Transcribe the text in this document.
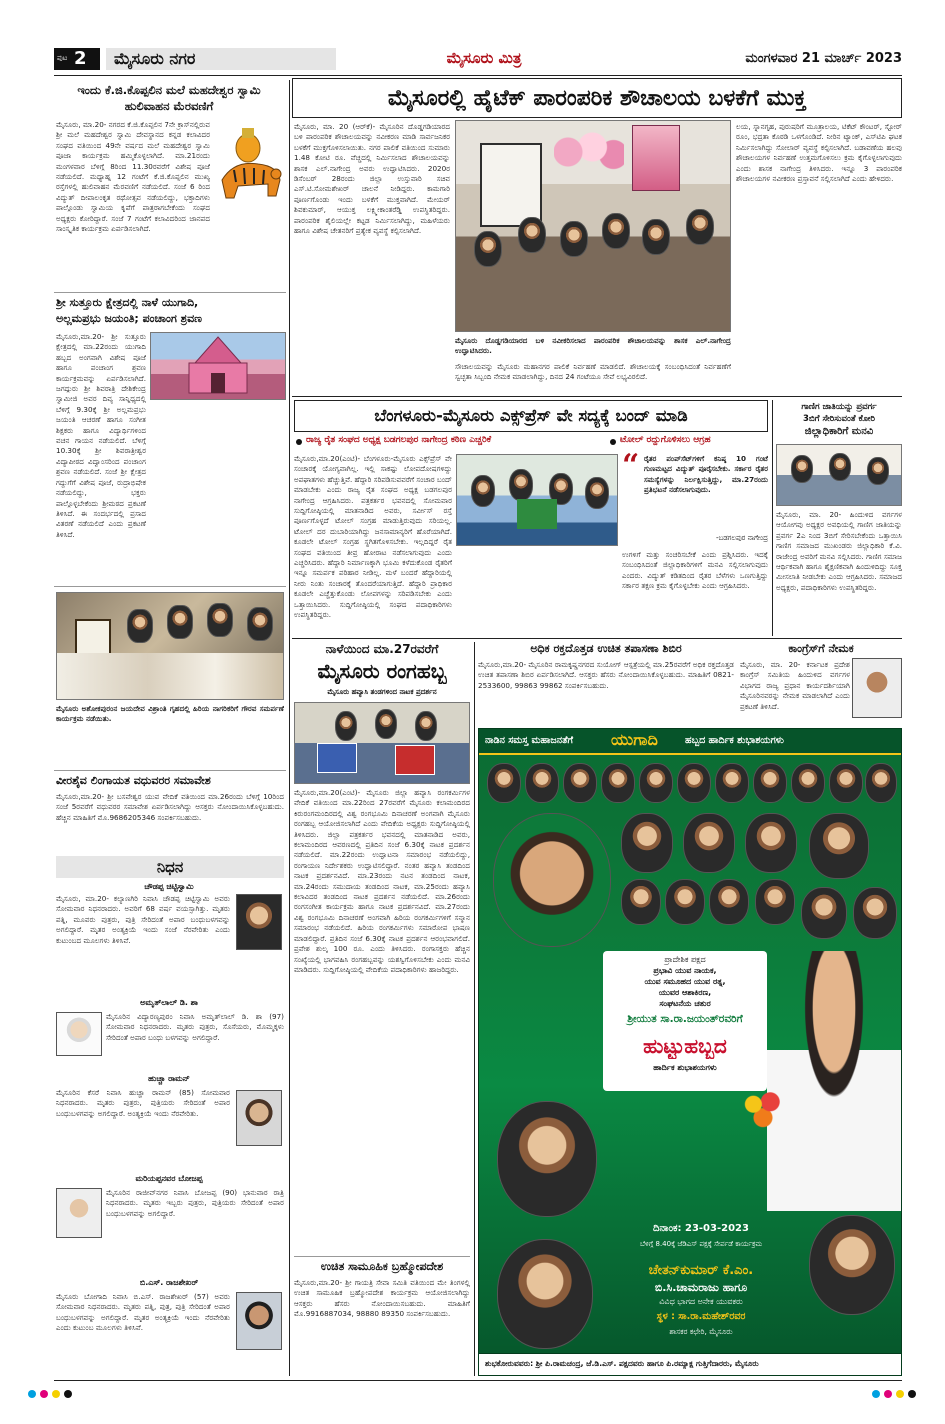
ಪುಟ 2	ಮೈಸೂರು ನಗರ	ಮೈಸೂರು ಮಿತ್ರ	ಮಂಗಳವಾರ 21 ಮಾರ್ಚ್ 2023
ಇಂದು ಕೆ.ಜಿ.ಕೊಪ್ಪಲಿನ ಮಲೆ ಮಹದೇಶ್ವರ ಸ್ವಾಮಿ ಹುಲಿವಾಹನ ಮೆರವಣಿಗೆ
ಮೈಸೂರು, ಮಾ.20- ನಗರದ ಕೆ.ಜಿ.ಕೊಪ್ಪಲಿನ 7ನೇ ಕ್ರಾಸ್‌ನಲ್ಲಿರುವ ಶ್ರೀ ಮಲೆ ಮಹದೇಶ್ವರ ಸ್ವಾಮಿ ದೇವಸ್ಥಾನದ ಕನ್ನಡ ಕಲಾವಿದರ ಸಂಘದ ವತಿಯಿಂದ 49ನೇ ವರ್ಷದ ಮಲೆ ಮಹದೇಶ್ವರ ಸ್ವಾಮಿ ಪೂಜಾ ಕಾರ್ಯಕ್ರಮ ಹಮ್ಮಿಕೊಳ್ಳಲಾಗಿದೆ. ಮಾ.21ರಂದು ಮಂಗಳವಾರ ಬೆಳಿಗ್ಗೆ 8ರಿಂದ 11.30ರವರೆಗೆ ವಿಶೇಷ ಪೂಜೆ ನಡೆಯಲಿದೆ. ಮಧ್ಯಾಹ್ನ 12 ಗಂಟೆಗೆ ಕೆ.ಜಿ.ಕೊಪ್ಪಲಿನ ಮುಖ್ಯ ರಸ್ತೆಗಳಲ್ಲಿ ಹುಲಿವಾಹನ ಮೆರವಣಿಗೆ ನಡೆಯಲಿದೆ. ಸಂಜೆ 6 ರಿಂದ ವಿದ್ಯುತ್ ದೀಪಾಲಂಕೃತ ರಥೋತ್ಸವ ನಡೆಯಲಿದ್ದು, ಭಕ್ತಾದಿಗಳು ಪಾಲ್ಗೊಂಡು ಸ್ವಾಮಿಯ ಕೃಪೆಗೆ ಪಾತ್ರರಾಗಬೇಕೆಂದು ಸಂಘದ ಅಧ್ಯಕ್ಷರು ಕೋರಿದ್ದಾರೆ. ಸಂಜೆ 7 ಗಂಟೆಗೆ ಕಲಾವಿದರಿಂದ ಜಾನಪದ ಸಾಂಸ್ಕೃತಿಕ ಕಾರ್ಯಕ್ರಮ ಏರ್ಪಡಿಸಲಾಗಿದೆ.
ಶ್ರೀ ಸುತ್ತೂರು ಕ್ಷೇತ್ರದಲ್ಲಿ ನಾಳೆ ಯುಗಾದಿ,
ಅಲ್ಲಮಪ್ರಭು ಜಯಂತಿ; ಪಂಚಾಂಗ ಶ್ರವಣ
ಮೈಸೂರು,ಮಾ.20- ಶ್ರೀ ಸುತ್ತೂರು ಕ್ಷೇತ್ರದಲ್ಲಿ ಮಾ.22ರಂದು ಯುಗಾದಿ ಹಬ್ಬದ ಅಂಗವಾಗಿ ವಿಶೇಷ ಪೂಜೆ ಹಾಗೂ ಪಂಚಾಂಗ ಶ್ರವಣ ಕಾರ್ಯಕ್ರಮವನ್ನು ಏರ್ಪಡಿಸಲಾಗಿದೆ. ಜಗದ್ಗುರು ಶ್ರೀ ಶಿವರಾತ್ರಿ ದೇಶಿಕೇಂದ್ರ ಸ್ವಾಮೀಜಿ ಅವರ ದಿವ್ಯ ಸಾನ್ನಿಧ್ಯದಲ್ಲಿ ಬೆಳಿಗ್ಗೆ 9.30ಕ್ಕೆ ಶ್ರೀ ಅಲ್ಲಮಪ್ರಭು ಜಯಂತಿ ಆಚರಣೆ ಹಾಗೂ ಸಂಗೀತ ಶಿಕ್ಷಕರು ಹಾಗೂ ವಿದ್ಯಾರ್ಥಿಗಳಿಂದ ವಚನ ಗಾಯನ ನಡೆಯಲಿದೆ. ಬೆಳಿಗ್ಗೆ 10.30ಕ್ಕೆ ಶ್ರೀ ಶಿವರಾತ್ರೀಶ್ವರ ವಿದ್ಯಾಪೀಠದ ವಿದ್ವಾಂಸರಿಂದ ಪಂಚಾಂಗ ಶ್ರವಣ ನಡೆಯಲಿದೆ. ಸಂಜೆ ಶ್ರೀ ಕ್ಷೇತ್ರದ ಗದ್ದುಗೆಗೆ ವಿಶೇಷ ಪೂಜೆ, ರುದ್ರಾಭಿಷೇಕ ನಡೆಯಲಿದ್ದು, ಭಕ್ತರು ಪಾಲ್ಗೊಳ್ಳಬೇಕೆಂದು ಶ್ರೀಮಠದ ಪ್ರಕಟಣೆ ತಿಳಿಸಿದೆ. ಈ ಸಂದರ್ಭದಲ್ಲಿ ಪ್ರಸಾದ ವಿತರಣೆ ನಡೆಯಲಿದೆ ಎಂದು ಪ್ರಕಟಣೆ ತಿಳಿಸಿದೆ.
ಮೈಸೂರು ಅಶೋಕಪುರಂನ ಜಯದೇವ ವಿಶ್ರಾಂತಿ ಗೃಹದಲ್ಲಿ ಹಿರಿಯ ನಾಗರಿಕರಿಗೆ ಗೌರವ ಸಮರ್ಪಣೆ ಕಾರ್ಯಕ್ರಮ ನಡೆಯಿತು.
ವೀರಶೈವ ಲಿಂಗಾಯತ ವಧುವರರ ಸಮಾವೇಶ
ಮೈಸೂರು,ಮಾ.20- ಶ್ರೀ ಬಸವೇಶ್ವರ ಯುವ ವೇದಿಕೆ ವತಿಯಿಂದ ಮಾ.26ರಂದು ಬೆಳಿಗ್ಗೆ 10ರಿಂದ ಸಂಜೆ 5ರವರೆಗೆ ವಧುವರರ ಸಮಾವೇಶ ಏರ್ಪಡಿಸಲಾಗಿದ್ದು ಆಸಕ್ತರು ನೋಂದಾಯಿಸಿಕೊಳ್ಳಬಹುದು. ಹೆಚ್ಚಿನ ಮಾಹಿತಿಗೆ ಮೊ.9686205346 ಸಂಪರ್ಕಿಸಬಹುದು.
ನಿಧನ
ಚೌಡಪ್ಪ ಚಿಟ್ಟಿಸ್ವಾಮಿ
ಮೈಸೂರು, ಮಾ.20- ಕಲ್ಯಾಣಗಿರಿ ನಿವಾಸಿ ಚೌಡಪ್ಪ ಚಿಟ್ಟಿಸ್ವಾಮಿ ಅವರು ಸೋಮವಾರ ನಿಧನರಾದರು. ಅವರಿಗೆ 68 ವರ್ಷ ವಯಸ್ಸಾಗಿತ್ತು. ಮೃತರು ಪತ್ನಿ, ಮೂವರು ಪುತ್ರರು, ಪುತ್ರಿ ಸೇರಿದಂತೆ ಅಪಾರ ಬಂಧುಬಳಗವನ್ನು ಅಗಲಿದ್ದಾರೆ. ಮೃತರ ಅಂತ್ಯಕ್ರಿಯೆ ಇಂದು ಸಂಜೆ ನೆರವೇರಿತು ಎಂದು ಕುಟುಂಬದ ಮೂಲಗಳು ತಿಳಿಸಿವೆ.
ಅಮೃತ್‌ಲಾಲ್ ಡಿ. ಶಾ
ಮೈಸೂರಿನ ವಿದ್ಯಾರಣ್ಯಪುರಂ ನಿವಾಸಿ ಅಮೃತ್‌ಲಾಲ್ ಡಿ. ಶಾ (97) ಸೋಮವಾರ ನಿಧನರಾದರು. ಮೃತರು ಪುತ್ರರು, ಸೊಸೆಯರು, ಮೊಮ್ಮಕ್ಕಳು ಸೇರಿದಂತೆ ಅಪಾರ ಬಂಧು ಬಳಗವನ್ನು ಅಗಲಿದ್ದಾರೆ.
ಹುಚ್ಚಾ ರಾಮನ್
ಮೈಸೂರಿನ ಕೆಸರೆ ನಿವಾಸಿ ಹುಚ್ಚಾ ರಾಮನ್ (85) ಸೋಮವಾರ ನಿಧನರಾದರು. ಮೃತರು ಪುತ್ರರು, ಪುತ್ರಿಯರು ಸೇರಿದಂತೆ ಅಪಾರ ಬಂಧುಬಳಗವನ್ನು ಅಗಲಿದ್ದಾರೆ. ಅಂತ್ಯಕ್ರಿಯೆ ಇಂದು ನೆರವೇರಿತು.
ಮರಿಯಪ್ಪನವರ ಬೋಜಪ್ಪ
ಮೈಸೂರಿನ ರಾಜೀವ್‌ನಗರ ನಿವಾಸಿ ಬೋಜಪ್ಪ (90) ಭಾನುವಾರ ರಾತ್ರಿ ನಿಧನರಾದರು. ಮೃತರು ಇಬ್ಬರು ಪುತ್ರರು, ಪುತ್ರಿಯರು ಸೇರಿದಂತೆ ಅಪಾರ ಬಂಧುಬಳಗವನ್ನು ಅಗಲಿದ್ದಾರೆ.
ಬಿ.ಎಸ್. ರಾಜಶೇಖರ್
ಮೈಸೂರು ಬೋಗಾದಿ ನಿವಾಸಿ ಬಿ.ಎಸ್. ರಾಜಶೇಖರ್ (57) ಅವರು ಸೋಮವಾರ ನಿಧನರಾದರು. ಮೃತರು ಪತ್ನಿ, ಪುತ್ರ, ಪುತ್ರಿ ಸೇರಿದಂತೆ ಅಪಾರ ಬಂಧುಬಳಗವನ್ನು ಅಗಲಿದ್ದಾರೆ. ಮೃತರ ಅಂತ್ಯಕ್ರಿಯೆ ಇಂದು ನೆರವೇರಿತು ಎಂದು ಕುಟುಂಬ ಮೂಲಗಳು ತಿಳಿಸಿವೆ.
ಮೈಸೂರಲ್ಲಿ ಹೈಟೆಕ್ ಪಾರಂಪರಿಕ ಶೌಚಾಲಯ ಬಳಕೆಗೆ ಮುಕ್ತ
ಮೈಸೂರು, ಮಾ. 20 (ಆರ್‌ಕೆ)- ಮೈಸೂರಿನ ದೊಡ್ಡಗಡಿಯಾರದ ಬಳಿ ಪಾರಂಪರಿಕ ಶೌಚಾಲಯವನ್ನು ನವೀಕರಣ ಮಾಡಿ ಸಾರ್ವಜನಿಕರ ಬಳಕೆಗೆ ಮುಕ್ತಗೊಳಿಸಲಾಯಿತು. ನಗರ ಪಾಲಿಕೆ ವತಿಯಿಂದ ಸುಮಾರು 1.48 ಕೋಟಿ ರೂ. ವೆಚ್ಚದಲ್ಲಿ ನಿರ್ಮಿಸಲಾದ ಶೌಚಾಲಯವನ್ನು ಶಾಸಕ ಎಲ್.ನಾಗೇಂದ್ರ ಅವರು ಉದ್ಘಾಟಿಸಿದರು. 2020ರ ಡಿಸೆಂಬರ್ 28ರಂದು ಜಿಲ್ಲಾ ಉಸ್ತುವಾರಿ ಸಚಿವ ಎಸ್.ಟಿ.ಸೋಮಶೇಖರ್ ಚಾಲನೆ ನೀಡಿದ್ದರು. ಕಾಮಗಾರಿ ಪೂರ್ಣಗೊಂಡು ಇಂದು ಬಳಕೆಗೆ ಮುಕ್ತವಾಗಿದೆ. ಮೇಯರ್ ಶಿವಕುಮಾರ್, ಆಯುಕ್ತ ಲಕ್ಷ್ಮೀಕಾಂತರೆಡ್ಡಿ ಉಪಸ್ಥಿತರಿದ್ದರು. ಪಾರಂಪರಿಕ ಶೈಲಿಯಲ್ಲೇ ಕಟ್ಟಡ ನಿರ್ಮಿಸಲಾಗಿದ್ದು, ಮಹಿಳೆಯರು ಹಾಗೂ ವಿಶೇಷ ಚೇತನರಿಗೆ ಪ್ರತ್ಯೇಕ ವ್ಯವಸ್ಥೆ ಕಲ್ಪಿಸಲಾಗಿದೆ.
ಮೈಸೂರು ದೊಡ್ಡಗಡಿಯಾರದ ಬಳಿ ನವೀಕರಿಸಲಾದ ಪಾರಂಪರಿಕ ಶೌಚಾಲಯವನ್ನು ಶಾಸಕ ಎಲ್.ನಾಗೇಂದ್ರ ಉದ್ಘಾಟಿಸಿದರು.
ಸೌಚಾಲಯವನ್ನು ಮೈಸೂರು ಮಹಾನಗರ ಪಾಲಿಕೆ ನಿರ್ವಹಣೆ ಮಾಡಲಿದೆ. ಶೌಚಾಲಯಕ್ಕೆ ಸಂಬಂಧಿಸಿದಂತೆ ನಿರ್ವಹಣೆಗೆ ಸ್ವಚ್ಛತಾ ಸಿಬ್ಬಂದಿ ನೇಮಕ ಮಾಡಲಾಗಿದ್ದು, ದಿನದ 24 ಗಂಟೆಯೂ ಸೇವೆ ಲಭ್ಯವಿರಲಿದೆ.
ಲಯ, ಸ್ನಾನಗೃಹ, ಪುರುಷರಿಗೆ ಮೂತ್ರಾಲಯ, ಟಿಕೆಟ್ ಕೌಂಟರ್, ಸ್ಟೋರ್ ರೂಂ, ಭದ್ರತಾ ಕೊಠಡಿ ಒಳಗೊಂಡಿದೆ. ನೀರಿನ ಟ್ಯಾಂಕ್, ಎಸ್‌ಟಿಪಿ ಘಟಕ ನಿರ್ಮಿಸಲಾಗಿದ್ದು ಸೋಲಾರ್ ವ್ಯವಸ್ಥೆ ಕಲ್ಪಿಸಲಾಗಿದೆ. ಬಡಾವಣೆಯ ಹಲವು ಶೌಚಾಲಯಗಳ ನಿರ್ವಹಣೆ ಉತ್ತಮಗೊಳಿಸಲು ಕ್ರಮ ಕೈಗೊಳ್ಳಲಾಗುವುದು ಎಂದು ಶಾಸಕ ನಾಗೇಂದ್ರ ತಿಳಿಸಿದರು. ಇನ್ನೂ 3 ಪಾರಂಪರಿಕ ಶೌಚಾಲಯಗಳ ನವೀಕರಣ ಪ್ರಸ್ತಾವನೆ ಸಲ್ಲಿಸಲಾಗಿದೆ ಎಂದು ಹೇಳಿದರು.
ಬೆಂಗಳೂರು-ಮೈಸೂರು ಎಕ್ಸ್‌ಪ್ರೆಸ್ ವೇ ಸದ್ಯಕ್ಕೆ ಬಂದ್ ಮಾಡಿ
ರಾಜ್ಯ ರೈತ ಸಂಘದ ಅಧ್ಯಕ್ಷ ಬಡಗಲಪುರ ನಾಗೇಂದ್ರ ಕಠಿಣ ಎಚ್ಚರಿಕೆ	ಟೋಲ್ ರದ್ದುಗೊಳಿಸಲು ಆಗ್ರಹ
ಮೈಸೂರು,ಮಾ.20(ಎಂಟಿ)- ಬೆಂಗಳೂರು-ಮೈಸೂರು ಎಕ್ಸ್‌ಪ್ರೆಸ್ ವೇ ಸಂಚಾರಕ್ಕೆ ಯೋಗ್ಯವಾಗಿಲ್ಲ. ಇಲ್ಲಿ ಸಾಕಷ್ಟು ಲೋಪದೋಷಗಳಿದ್ದು ಅಪಘಾತಗಳು ಹೆಚ್ಚುತ್ತಿವೆ. ಹೆದ್ದಾರಿ ಸರಿಪಡಿಸುವವರೆಗೆ ಸಂಚಾರ ಬಂದ್ ಮಾಡಬೇಕು ಎಂದು ರಾಜ್ಯ ರೈತ ಸಂಘದ ಅಧ್ಯಕ್ಷ ಬಡಗಲಪುರ ನಾಗೇಂದ್ರ ಆಗ್ರಹಿಸಿದರು. ಪತ್ರಕರ್ತರ ಭವನದಲ್ಲಿ ಸೋಮವಾರ ಸುದ್ದಿಗೋಷ್ಠಿಯಲ್ಲಿ ಮಾತನಾಡಿದ ಅವರು, ಸರ್ವೀಸ್ ರಸ್ತೆ ಪೂರ್ಣಗೊಳ್ಳದೆ ಟೋಲ್ ಸಂಗ್ರಹ ಮಾಡುತ್ತಿರುವುದು ಸರಿಯಲ್ಲ. ಟೋಲ್ ದರ ದುಬಾರಿಯಾಗಿದ್ದು ಜನಸಾಮಾನ್ಯರಿಗೆ ಹೊರೆಯಾಗಿದೆ. ಕೂಡಲೇ ಟೋಲ್ ಸಂಗ್ರಹ ಸ್ಥಗಿತಗೊಳಿಸಬೇಕು. ಇಲ್ಲದಿದ್ದರೆ ರೈತ ಸಂಘದ ವತಿಯಿಂದ ತೀವ್ರ ಹೋರಾಟ ನಡೆಸಲಾಗುವುದು ಎಂದು ಎಚ್ಚರಿಸಿದರು. ಹೆದ್ದಾರಿ ನಿರ್ಮಾಣಕ್ಕಾಗಿ ಭೂಮಿ ಕಳೆದುಕೊಂಡ ರೈತರಿಗೆ ಇನ್ನೂ ಸಮರ್ಪಕ ಪರಿಹಾರ ನೀಡಿಲ್ಲ. ಮಳೆ ಬಂದರೆ ಹೆದ್ದಾರಿಯಲ್ಲಿ ನೀರು ನಿಂತು ಸಂಚಾರಕ್ಕೆ ತೊಂದರೆಯಾಗುತ್ತಿದೆ. ಹೆದ್ದಾರಿ ಪ್ರಾಧಿಕಾರ ಕೂಡಲೇ ಎಚ್ಚೆತ್ತುಕೊಂಡು ಲೋಪಗಳನ್ನು ಸರಿಪಡಿಸಬೇಕು ಎಂದು ಒತ್ತಾಯಿಸಿದರು. ಸುದ್ದಿಗೋಷ್ಠಿಯಲ್ಲಿ ಸಂಘದ ಪದಾಧಿಕಾರಿಗಳು ಉಪಸ್ಥಿತರಿದ್ದರು.
“ ರೈತರ ಪಂಪ್‌ಸೆಟ್‌ಗಳಿಗೆ ಕನಿಷ್ಠ 10 ಗಂಟೆ ಗುಣಮಟ್ಟದ ವಿದ್ಯುತ್ ಪೂರೈಸಬೇಕು. ಸರ್ಕಾರ ರೈತರ ಸಮಸ್ಯೆಗಳನ್ನು ನಿರ್ಲಕ್ಷಿಸುತ್ತಿದ್ದು, ಮಾ.27ರಂದು ಪ್ರತಿಭಟನೆ ನಡೆಸಲಾಗುವುದು.
-ಬಡಗಲಪುರ ನಾಗೇಂದ್ರ
ಉಗಳಿಗೆ ಮತ್ತು ಸಂಚರಿಸಬೇಕೆ ಎಂದು ಪ್ರಶ್ನಿಸಿದರು. ಇದಕ್ಕೆ ಸಂಬಂಧಿಸಿದಂತೆ ಜಿಲ್ಲಾಧಿಕಾರಿಗಳಿಗೆ ಮನವಿ ಸಲ್ಲಿಸಲಾಗುವುದು ಎಂದರು. ವಿದ್ಯುತ್ ಕಡಿತದಿಂದ ರೈತರ ಬೆಳೆಗಳು ಒಣಗುತ್ತಿದ್ದು ಸರ್ಕಾರ ತಕ್ಷಣ ಕ್ರಮ ಕೈಗೊಳ್ಳಬೇಕು ಎಂದು ಆಗ್ರಹಿಸಿದರು.
ಗಾಣಿಗ ಜಾತಿಯನ್ನು ಪ್ರವರ್ಗ
3ಬಿಗೆ ಸೇರಿಸುವಂತೆ ಕೋರಿ
ಜಿಲ್ಲಾಧಿಕಾರಿಗೆ ಮನವಿ
ಮೈಸೂರು, ಮಾ. 20- ಹಿಂದುಳಿದ ವರ್ಗಗಳ ಆಯೋಗವು ಅಧ್ಯಕ್ಷರ ಅವಧಿಯಲ್ಲಿ ಗಾಣಿಗ ಜಾತಿಯನ್ನು ಪ್ರವರ್ಗ 2ಎ ನಿಂದ 3ಬಿಗೆ ಸೇರಿಸಬೇಕೆಂದು ಒತ್ತಾಯಿಸಿ ಗಾಣಿಗ ಸಮಾಜದ ಮುಖಂಡರು ಜಿಲ್ಲಾಧಿಕಾರಿ ಕೆ.ವಿ. ರಾಜೇಂದ್ರ ಅವರಿಗೆ ಮನವಿ ಸಲ್ಲಿಸಿದರು. ಗಾಣಿಗ ಸಮಾಜ ಆರ್ಥಿಕವಾಗಿ ಹಾಗೂ ಶೈಕ್ಷಣಿಕವಾಗಿ ಹಿಂದುಳಿದಿದ್ದು ಸೂಕ್ತ ಮೀಸಲಾತಿ ನೀಡಬೇಕು ಎಂದು ಆಗ್ರಹಿಸಿದರು. ಸಮಾಜದ ಅಧ್ಯಕ್ಷರು, ಪದಾಧಿಕಾರಿಗಳು ಉಪಸ್ಥಿತರಿದ್ದರು.
ನಾಳೆಯಿಂದ ಮಾ.27ರವರೆಗೆ
ಮೈಸೂರು ರಂಗಹಬ್ಬ
ಮೈಸೂರು ಹವ್ಯಾಸಿ ತಂಡಗಳಿಂದ ನಾಟಕ ಪ್ರದರ್ಶನ
ಮೈಸೂರು,ಮಾ.20(ಎಂಟಿ)- ಮೈಸೂರು ಜಿಲ್ಲಾ ಹವ್ಯಾಸಿ ರಂಗಕರ್ಮಿಗಳ ವೇದಿಕೆ ವತಿಯಿಂದ ಮಾ.22ರಿಂದ 27ರವರೆಗೆ ಮೈಸೂರು ಕಲಾಮಂದಿರದ ಕಿರುರಂಗಮಂದಿರದಲ್ಲಿ ವಿಶ್ವ ರಂಗಭೂಮಿ ದಿನಾಚರಣೆ ಅಂಗವಾಗಿ ಮೈಸೂರು ರಂಗಹಬ್ಬ ಆಯೋಜಿಸಲಾಗಿದೆ ಎಂದು ವೇದಿಕೆಯ ಅಧ್ಯಕ್ಷರು ಸುದ್ದಿಗೋಷ್ಠಿಯಲ್ಲಿ ತಿಳಿಸಿದರು. ಜಿಲ್ಲಾ ಪತ್ರಕರ್ತರ ಭವನದಲ್ಲಿ ಮಾತನಾಡಿದ ಅವರು, ಕಲಾಮಂದಿರದ ಆವರಣದಲ್ಲಿ ಪ್ರತಿದಿನ ಸಂಜೆ 6.30ಕ್ಕೆ ನಾಟಕ ಪ್ರದರ್ಶನ ನಡೆಯಲಿದೆ. ಮಾ.22ರಂದು ಉದ್ಘಾಟನಾ ಸಮಾರಂಭ ನಡೆಯಲಿದ್ದು, ರಂಗಾಯಣ ನಿರ್ದೇಶಕರು ಉದ್ಘಾಟಿಸಲಿದ್ದಾರೆ. ನಂತರ ಹವ್ಯಾಸಿ ತಂಡದಿಂದ ನಾಟಕ ಪ್ರದರ್ಶನವಿದೆ. ಮಾ.23ರಂದು ನಟನ ತಂಡದಿಂದ ನಾಟಕ, ಮಾ.24ರಂದು ಸಮುದಾಯ ತಂಡದಿಂದ ನಾಟಕ, ಮಾ.25ರಂದು ಹವ್ಯಾಸಿ ಕಲಾವಿದರ ತಂಡದಿಂದ ನಾಟಕ ಪ್ರದರ್ಶನ ನಡೆಯಲಿದೆ. ಮಾ.26ರಂದು ರಂಗಸಂಗೀತ ಕಾರ್ಯಕ್ರಮ ಹಾಗೂ ನಾಟಕ ಪ್ರದರ್ಶನವಿದೆ. ಮಾ.27ರಂದು ವಿಶ್ವ ರಂಗಭೂಮಿ ದಿನಾಚರಣೆ ಅಂಗವಾಗಿ ಹಿರಿಯ ರಂಗಕರ್ಮಿಗಳಿಗೆ ಸನ್ಮಾನ ಸಮಾರಂಭ ನಡೆಯಲಿದೆ. ಹಿರಿಯ ರಂಗಕರ್ಮಿಗಳು ಸಮಾರೋಪ ಭಾಷಣ ಮಾಡಲಿದ್ದಾರೆ. ಪ್ರತಿದಿನ ಸಂಜೆ 6.30ಕ್ಕೆ ನಾಟಕ ಪ್ರದರ್ಶನ ಆರಂಭವಾಗಲಿದೆ. ಪ್ರವೇಶ ಶುಲ್ಕ 100 ರೂ. ಎಂದು ತಿಳಿಸಿದರು. ರಂಗಾಸಕ್ತರು ಹೆಚ್ಚಿನ ಸಂಖ್ಯೆಯಲ್ಲಿ ಭಾಗವಹಿಸಿ ರಂಗಹಬ್ಬವನ್ನು ಯಶಸ್ವಿಗೊಳಿಸಬೇಕು ಎಂದು ಮನವಿ ಮಾಡಿದರು. ಸುದ್ದಿಗೋಷ್ಠಿಯಲ್ಲಿ ವೇದಿಕೆಯ ಪದಾಧಿಕಾರಿಗಳು ಹಾಜರಿದ್ದರು.
ಉಚಿತ ಸಾಮೂಹಿಕ ಬ್ರಹ್ಮೋಪದೇಶ
ಮೈಸೂರು,ಮಾ.20- ಶ್ರೀ ಗಾಯತ್ರಿ ಸೇವಾ ಸಮಿತಿ ವತಿಯಿಂದ ಮೇ ತಿಂಗಳಲ್ಲಿ ಉಚಿತ ಸಾಮೂಹಿಕ ಬ್ರಹ್ಮೋಪದೇಶ ಕಾರ್ಯಕ್ರಮ ಆಯೋಜಿಸಲಾಗಿದ್ದು ಆಸಕ್ತರು ಹೆಸರು ನೋಂದಾಯಿಸಬಹುದು. ಮಾಹಿತಿಗೆ ಮೊ.9916887034, 98880 89350 ಸಂಪರ್ಕಿಸಬಹುದು.
ಅಧಿಕ ರಕ್ತದೊತ್ತಡ ಉಚಿತ ತಪಾಸಣಾ ಶಿಬಿರ
ಮೈಸೂರು,ಮಾ.20- ಮೈಸೂರಿನ ರಾಮಕೃಷ್ಣನಗರದ ಸುಯೋಗ್ ಆಸ್ಪತ್ರೆಯಲ್ಲಿ ಮಾ.25ರವರೆಗೆ ಅಧಿಕ ರಕ್ತದೊತ್ತಡ ಉಚಿತ ತಪಾಸಣಾ ಶಿಬಿರ ಏರ್ಪಡಿಸಲಾಗಿದೆ. ಆಸಕ್ತರು ಹೆಸರು ನೋಂದಾಯಿಸಿಕೊಳ್ಳಬಹುದು. ಮಾಹಿತಿಗೆ 0821-2533600, 99863 99862 ಸಂಪರ್ಕಿಸಬಹುದು.
ಕಾಂಗ್ರೆಸ್‌ಗೆ ನೇಮಕ
ಮೈಸೂರು, ಮಾ. 20- ಕರ್ನಾಟಕ ಪ್ರದೇಶ ಕಾಂಗ್ರೆಸ್ ಸಮಿತಿಯ ಹಿಂದುಳಿದ ವರ್ಗಗಳ ವಿಭಾಗದ ರಾಜ್ಯ ಪ್ರಧಾನ ಕಾರ್ಯದರ್ಶಿಯಾಗಿ ಮೈಸೂರಿನವರನ್ನು ನೇಮಕ ಮಾಡಲಾಗಿದೆ ಎಂದು ಪ್ರಕಟಣೆ ತಿಳಿಸಿದೆ.
ನಾಡಿನ ಸಮಸ್ತ ಮಹಾಜನತೆಗೆ	ಯುಗಾದಿ	ಹಬ್ಬದ ಹಾರ್ದಿಕ ಶುಭಾಶಯಗಳು
ಪ್ರಾದೇಶಿಕ ಪಕ್ಷದ
ಪ್ರಭಾವಿ ಯುವ ನಾಯಕ,
ಯುವ ಸಮೂಹದ ಯುವ ರತ್ನ,
ಯುವರ ಆಶಾಕಿರಣ,
ಸಂಘಟನೆಯ ಚತುರ
ಶ್ರೀಯುತ ಸಾ.ರಾ.ಜಯಂತ್‌ರವರಿಗೆ
ಹುಟ್ಟುಹಬ್ಬದ
ಹಾರ್ದಿಕ ಶುಭಾಶಯಗಳು
ದಿನಾಂಕ: 23-03-2023
ಬೆಳಿಗ್ಗೆ 8.40ಕ್ಕೆ ಜೆಡಿಎಸ್ ಪಕ್ಷಕ್ಕೆ ಸೇರ್ಪಡೆ ಕಾರ್ಯಕ್ರಮ
ಚೇತನ್‌ಕುಮಾರ್ ಕೆ.ಎಂ.
ಬಿ.ಸಿ.ಚಾಮರಾಜು ಹಾಗೂ
ವಿವಿಧ ಭಾಗದ ಅನೇಕ ಯುವಕರು
ಸ್ಥಳ : ಸಾ.ರಾ.ಮಹೇಶ್‌ರವರ
ಶಾಸಕರ ಕಛೇರಿ, ಮೈಸೂರು
ಶುಭಕೋರುವವರು: ಶ್ರೀ ಪಿ.ರಾಮಚಂದ್ರ, ಜೆ.ಡಿ.ಎಸ್. ಪಕ್ಷದವರು ಹಾಗೂ ಪಿ.ರಮ್ಯಾಕ್ಷ ಗುತ್ತಿಗೆದಾರರು, ಮೈಸೂರು
